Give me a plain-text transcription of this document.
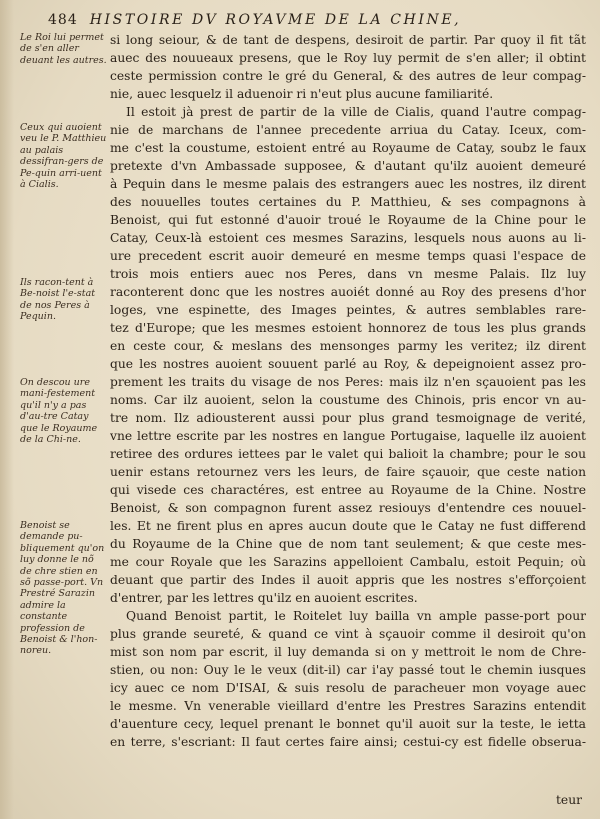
484 HISTOIRE DV ROYAVME DE LA CHINE,
Le Roi lui permet de s'en aller deuant les autres.
Ceux qui auoient veu le P. Matthieu au palais dessifran-gers de Pe-quin arri-uent à Cialis.
Ils racon-tent à Be-noist l'e-stat de nos Peres à Pequin.
On descou ure mani-festement qu'il n'y a pas d'au-tre Catay que le Royaume de la Chi-ne.
Benoist se demande pu-bliquement qu'on luy donne le nõ de chre stien en sõ passe-port. Vn Prestré Sarazin admire la constante profession de Benoist & l'hon-noreu.
si long seiour, & de tant de despens, desiroit de partir. Par quoy il fit tãt
auec des nouueaux presens, que le Roy luy permit de s'en aller; il obtint
ceste permission contre le gré du General, & des autres de leur compag-
nie, auec lesquelz il aduenoir ri n'eut plus aucune familiarité.
Il estoit jà prest de partir de la ville de Cialis, quand l'autre compag-
nie de marchans de l'annee precedente arriua du Catay. Iceux, com-
me c'est la coustume, estoient entré au Royaume de Catay, soubz le faux
pretexte d'vn Ambassade supposee, & d'autant qu'ilz auoient demeuré
à Pequin dans le mesme palais des estrangers auec les nostres, ilz dirent
des nouuelles toutes certaines du P. Matthieu, & ses compagnons à
Benoist, qui fut estonné d'auoir troué le Royaume de la Chine pour le
Catay, Ceux-là estoient ces mesmes Sarazins, lesquels nous auons au li-
ure precedent escrit auoir demeuré en mesme temps quasi l'espace de
trois mois entiers auec nos Peres, dans vn mesme Palais. Ilz luy
raconterent donc que les nostres auoiét donné au Roy des presens d'hor
loges, vne espinette, des Images peintes, & autres semblables rare-
tez d'Europe; que les mesmes estoient honnorez de tous les plus grands
en ceste cour, & meslans des mensonges parmy les veritez; ilz dirent
que les nostres auoient souuent parlé au Roy, & depeignoient assez pro-
prement les traits du visage de nos Peres: mais ilz n'en sçauoient pas les
noms. Car ilz auoient, selon la coustume des Chinois, pris encor vn au-
tre nom. Ilz adiousterent aussi pour plus grand tesmoignage de verité,
vne lettre escrite par les nostres en langue Portugaise, laquelle ilz auoient
retiree des ordures iettees par le valet qui balioit la chambre; pour le sou
uenir estans retournez vers les leurs, de faire sçauoir, que ceste nation
qui visede ces charactéres, est entree au Royaume de la Chine. Nostre
Benoist, & son compagnon furent assez resiouys d'entendre ces nouuel-
les. Et ne firent plus en apres aucun doute que le Catay ne fust differend
du Royaume de la Chine que de nom tant seulement; & que ceste mes-
me cour Royale que les Sarazins appelloient Cambalu, estoit Pequin; où
deuant que partir des Indes il auoit appris que les nostres s'efforçoient
d'entrer, par les lettres qu'ilz en auoient escrites.
Quand Benoist partit, le Roitelet luy bailla vn ample passe-port pour
plus grande seureté, & quand ce vint à sçauoir comme il desiroit qu'on
mist son nom par escrit, il luy demanda si on y mettroit le nom de Chre-
stien, ou non: Ouy le le veux (dit-il) car i'ay passé tout le chemin iusques
icy auec ce nom D'ISAI, & suis resolu de paracheuer mon voyage auec
le mesme. Vn venerable vieillard d'entre les Prestres Sarazins entendit
d'auenture cecy, lequel prenant le bonnet qu'il auoit sur la teste, le ietta
en terre, s'escriant: Il faut certes faire ainsi; cestui-cy est fidelle obserua-
teur
